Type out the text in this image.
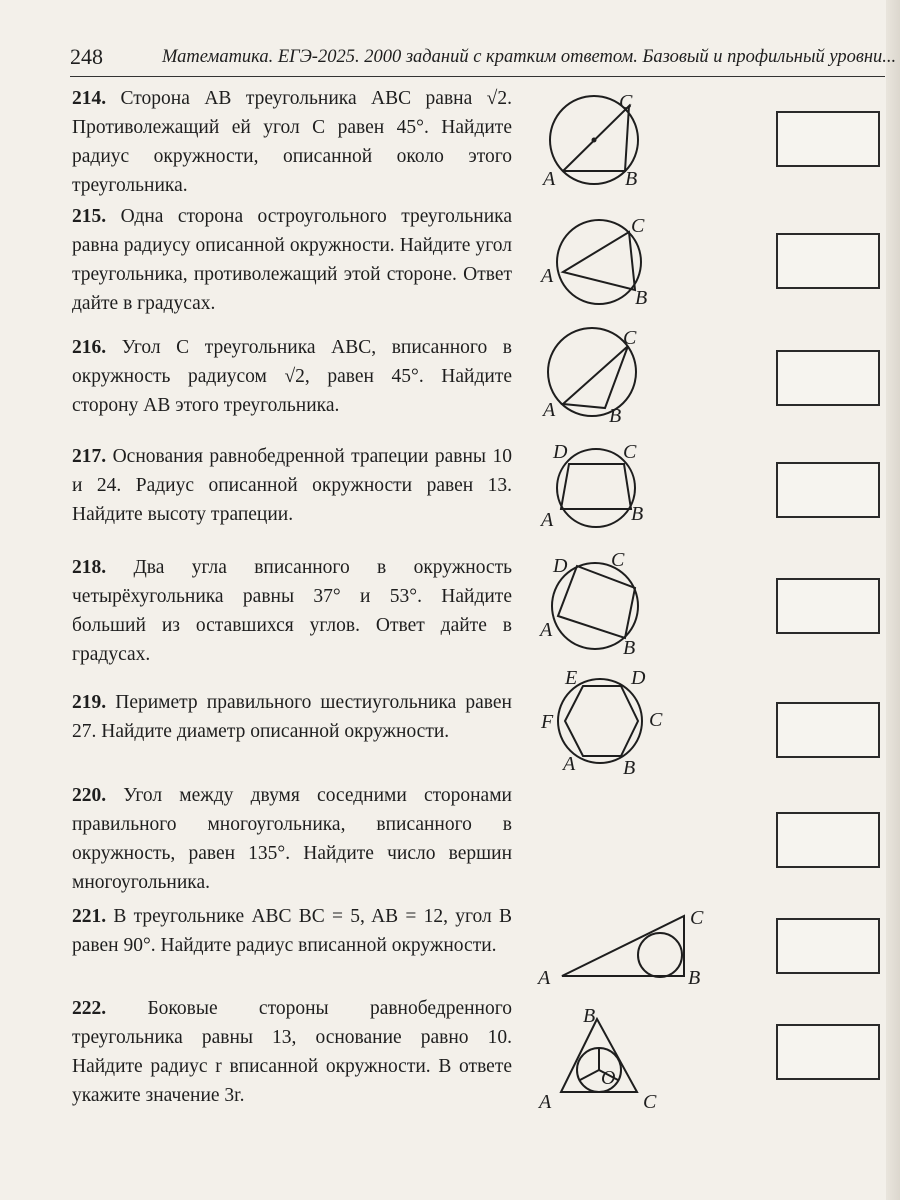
248	Математика. ЕГЭ-2025. 2000 заданий с кратким ответом. Базовый и профильный уровни...
214. Сторона AB треугольника ABC равна √2. Противолежащий ей угол C равен 45°. Найдите радиус окружности, описанной около этого треугольника.
215. Одна сторона остроугольного треугольника равна радиусу описанной окружности. Найдите угол треугольника, противолежащий этой стороне. Ответ дайте в градусах.
216. Угол C треугольника ABC, вписанного в окружность радиусом √2, равен 45°. Найдите сторону AB этого треугольника.
217. Основания равнобедренной трапеции равны 10 и 24. Радиус описанной окружности равен 13. Найдите высоту трапеции.
218. Два угла вписанного в окружность четырёхугольника равны 37° и 53°. Найдите больший из оставшихся углов. Ответ дайте в градусах.
219. Периметр правильного шестиугольника равен 27. Найдите диаметр описанной окружности.
220. Угол между двумя соседними сторонами правильного многоугольника, вписанного в окружность, равен 135°. Найдите число вершин многоугольника.
221. В треугольнике ABC BC = 5, AB = 12, угол B равен 90°. Найдите радиус вписанной окружности.
222. Боковые стороны равнобедренного треугольника равны 13, основание равно 10. Найдите радиус r вписанной окружности. В ответе укажите значение 3r.
C
A	B
C
A
B
C
A	B
D	C
A	B
D C
A
B
E	D
F	C
A B
C
A	B
B
O
A	C
